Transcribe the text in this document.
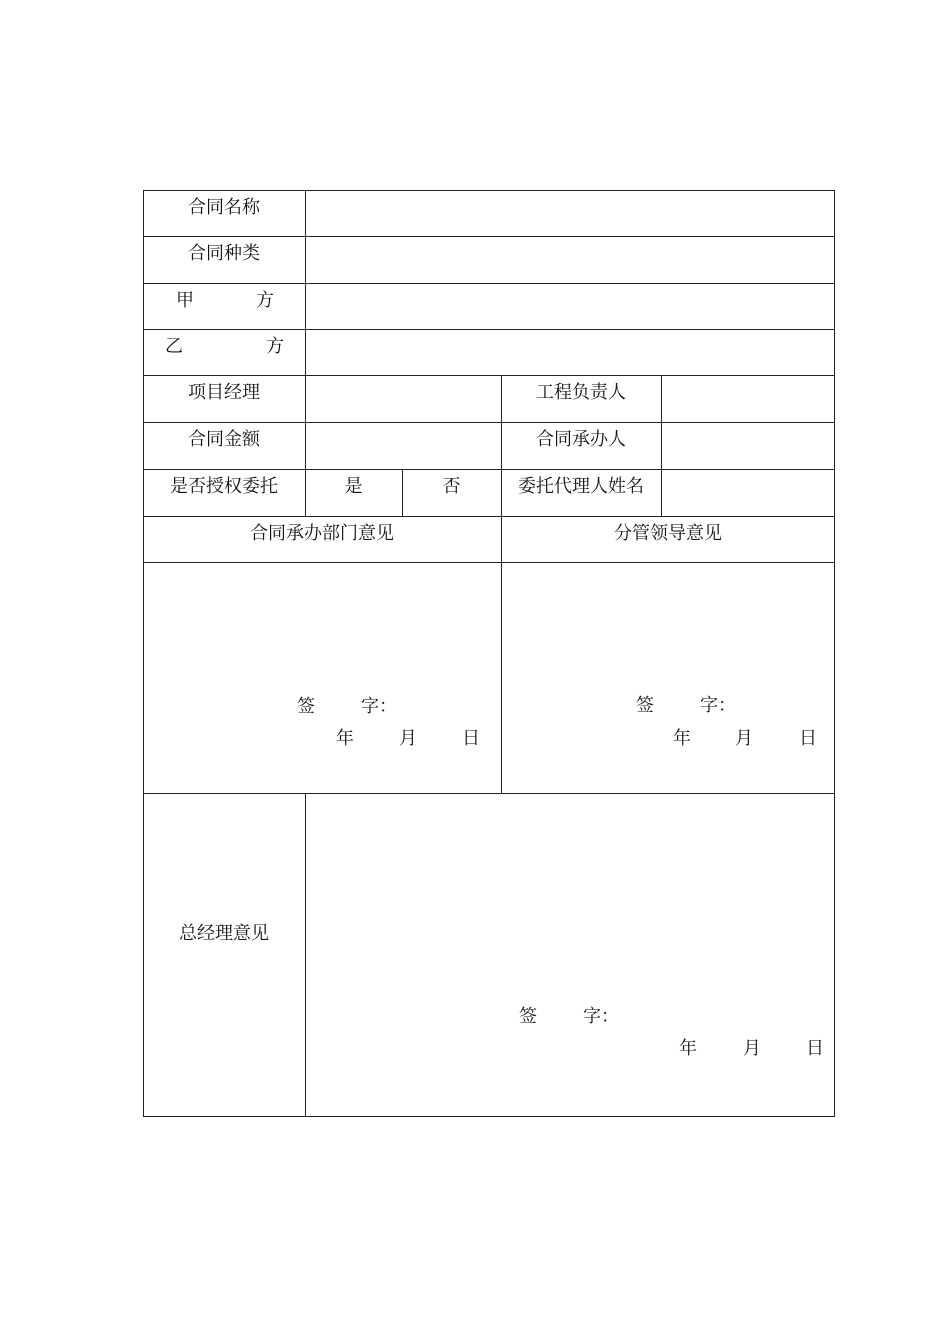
合同名称
合同种类
甲	方
乙	方
项目经理	工程负责人
合同金额	合同承办人
是否授权委托	是	否	委托代理人姓名
合同承办部门意见	分管领导意见
签	字：
年	月	日
签	字：
年 月	日
总经理意见
签	字：
年	月	日
